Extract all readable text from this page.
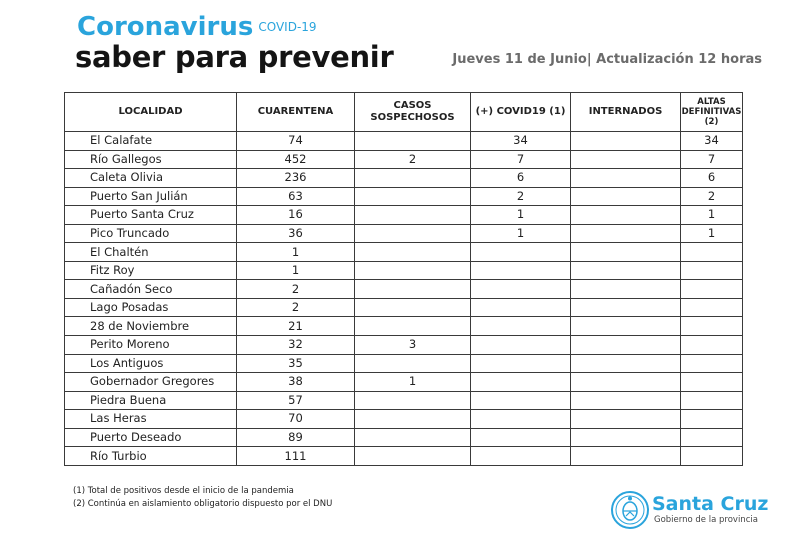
Coronavirus COVID-19
saber para prevenir	Jueves 11 de Junio| Actualización 12 horas
LOCALIDAD	CUARENTENA	CASOS SOSPECHOSOS	(+) COVID19 (1)	INTERNADOS	ALTAS DEFINITIVAS (2)
El Calafate	74		34		34
Río Gallegos	452	2	7		7
Caleta Olivia	236		6		6
Puerto San Julián	63		2		2
Puerto Santa Cruz	16		1		1
Pico Truncado	36		1		1
El Chaltén	1				
Fitz Roy	1				
Cañadón Seco	2				
Lago Posadas	2				
28 de Noviembre	21				
Perito Moreno	32	3			
Los Antiguos	35				
Gobernador Gregores	38	1			
Piedra Buena	57				
Las Heras	70				
Puerto Deseado	89				
Río Turbio	111				
(1) Total de positivos desde el inicio de la pandemia
(2) Continúa en aislamiento obligatorio dispuesto por el DNU	Santa Cruz
Gobierno de la provincia
